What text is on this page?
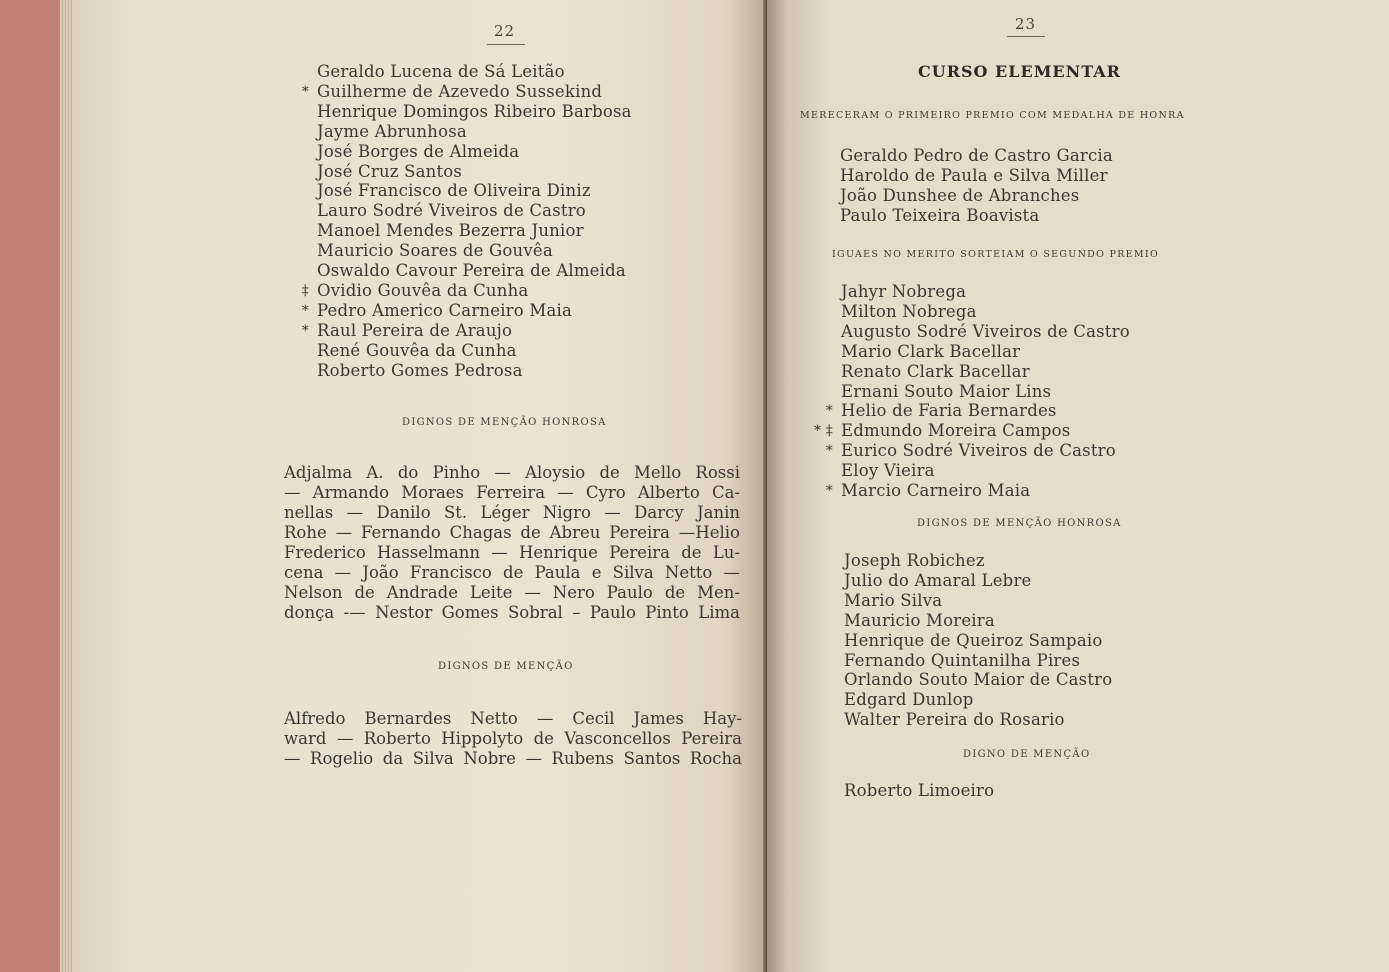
22
Geraldo Lucena de Sá Leitão
* Guilherme de Azevedo Sussekind
Henrique Domingos Ribeiro Barbosa
Jayme Abrunhosa
José Borges de Almeida
José Cruz Santos
José Francisco de Oliveira Diniz
Lauro Sodré Viveiros de Castro
Manoel Mendes Bezerra Junior
Mauricio Soares de Gouvêa
Oswaldo Cavour Pereira de Almeida
‡ Ovidio Gouvêa da Cunha
* Pedro Americo Carneiro Maia
* Raul Pereira de Araujo
René Gouvêa da Cunha
Roberto Gomes Pedrosa
DIGNOS DE MENÇÃO HONROSA
Adjalma A. do Pinho — Aloysio de Mello Rossi
— Armando Moraes Ferreira — Cyro Alberto Ca-
nellas — Danilo St. Léger Nigro — Darcy Janin
Rohe — Fernando Chagas de Abreu Pereira —Helio
Frederico Hasselmann — Henrique Pereira de Lu-
cena — João Francisco de Paula e Silva Netto —
Nelson de Andrade Leite — Nero Paulo de Men-
donça -— Nestor Gomes Sobral – Paulo Pinto Lima
DIGNOS DE MENÇÃO
Alfredo Bernardes Netto — Cecil James Hay-
ward — Roberto Hippolyto de Vasconcellos Pereira
— Rogelio da Silva Nobre — Rubens Santos Rocha
23
CURSO ELEMENTAR
MERECERAM O PRIMEIRO PREMIO COM MEDALHA DE HONRA
Geraldo Pedro de Castro Garcia
Haroldo de Paula e Silva Miller
João Dunshee de Abranches
Paulo Teixeira Boavista
IGUAES NO MERITO SORTEIAM O SEGUNDO PREMIO
Jahyr Nobrega
Milton Nobrega
Augusto Sodré Viveiros de Castro
Mario Clark Bacellar
Renato Clark Bacellar
Ernani Souto Maior Lins
* Helio de Faria Bernardes
* ‡ Edmundo Moreira Campos
* Eurico Sodré Viveiros de Castro
Eloy Vieira
* Marcio Carneiro Maia
DIGNOS DE MENÇÃO HONROSA
Joseph Robichez
Julio do Amaral Lebre
Mario Silva
Mauricio Moreira
Henrique de Queiroz Sampaio
Fernando Quintanilha Pires
Orlando Souto Maior de Castro
Edgard Dunlop
Walter Pereira do Rosario
DIGNO DE MENÇÃO
Roberto Limoeiro
